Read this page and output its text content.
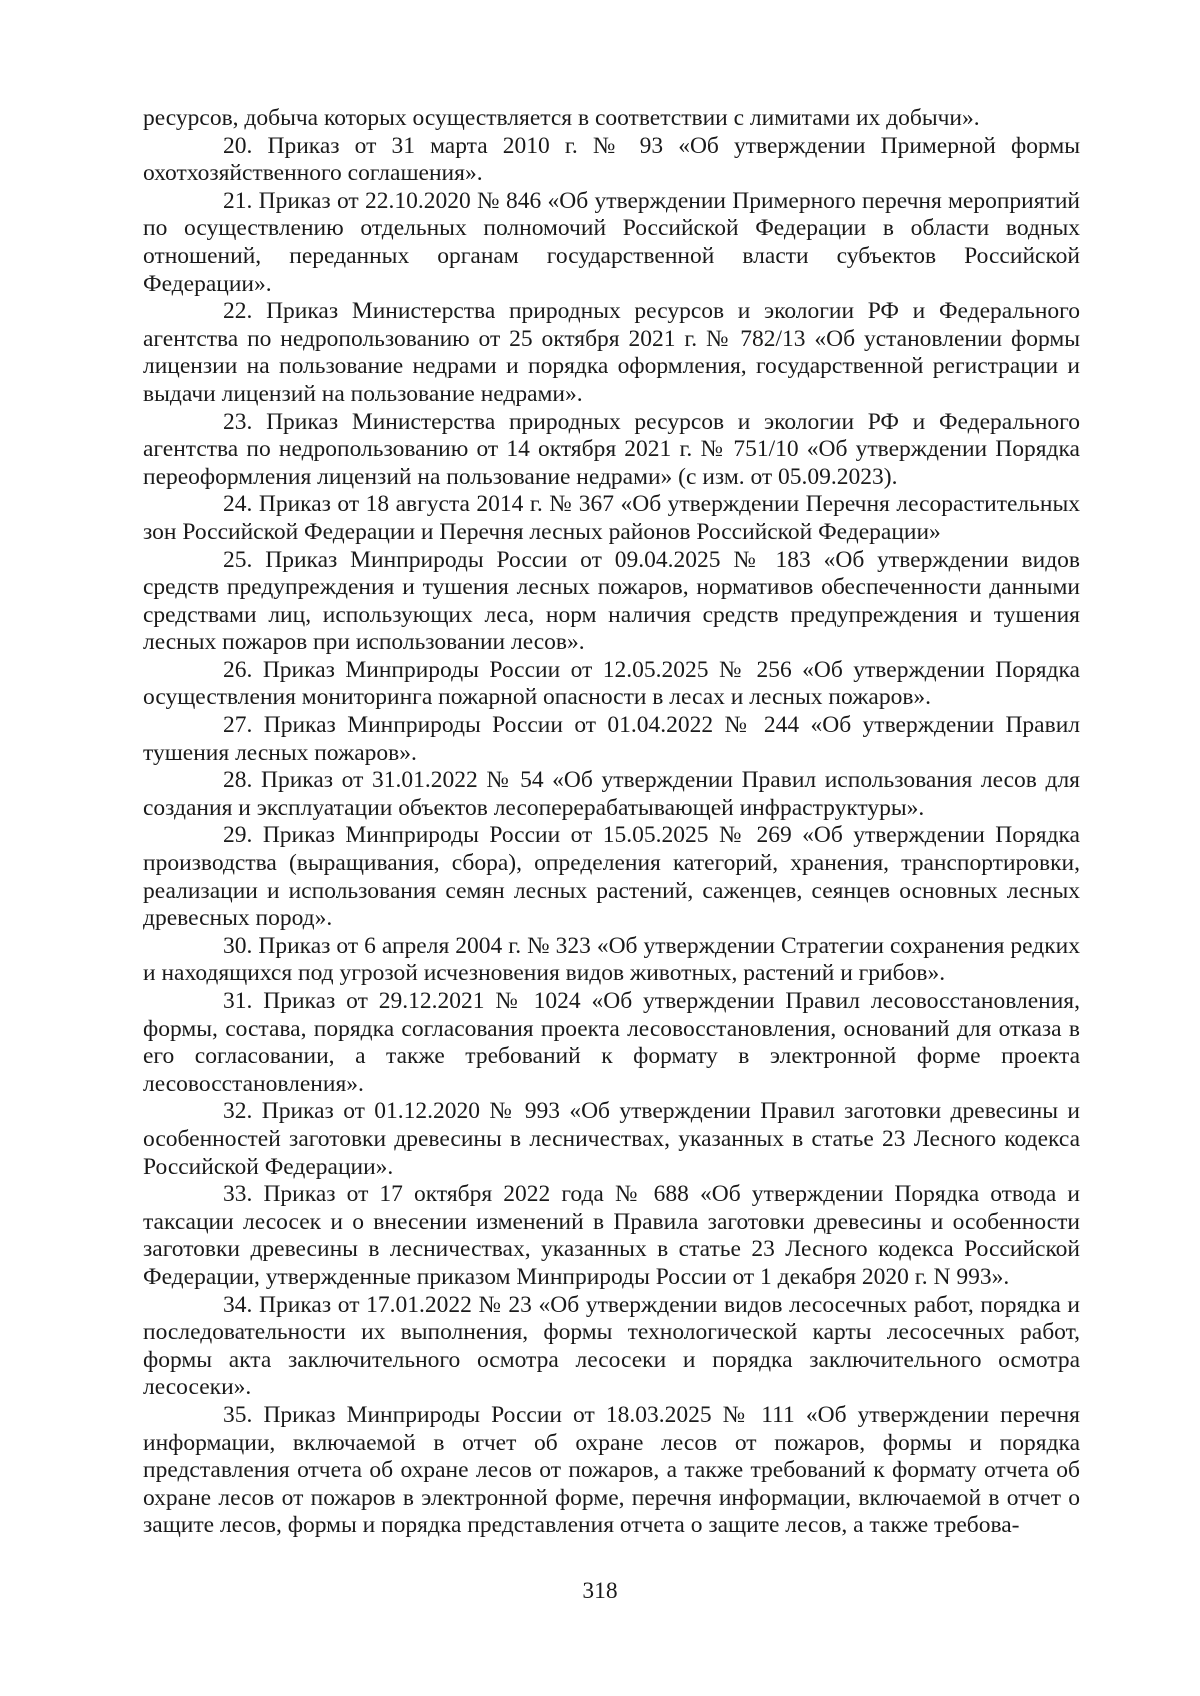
ресурсов, добыча которых осуществляется в соответствии с лимитами их добычи».

20. Приказ от 31 марта 2010 г. № 93 «Об утверждении Примерной формы охотхозяйственного соглашения».

21. Приказ от 22.10.2020 № 846 «Об утверждении Примерного перечня мероприятий по осуществлению отдельных полномочий Российской Федерации в области водных отношений, переданных органам государственной власти субъектов Российской Федерации».

22. Приказ Министерства природных ресурсов и экологии РФ и Федерального агентства по недропользованию от 25 октября 2021 г. № 782/13 «Об установлении формы лицензии на пользование недрами и порядка оформления, государственной регистрации и выдачи лицензий на пользование недрами».

23. Приказ Министерства природных ресурсов и экологии РФ и Федерального агентства по недропользованию от 14 октября 2021 г. № 751/10 «Об утверждении Порядка переоформления лицензий на пользование недрами» (с изм. от 05.09.2023).

24. Приказ от 18 августа 2014 г. № 367 «Об утверждении Перечня лесорастительных зон Российской Федерации и Перечня лесных районов Российской Федерации»

25. Приказ Минприроды России от 09.04.2025 № 183 «Об утверждении видов средств предупреждения и тушения лесных пожаров, нормативов обеспеченности данными средствами лиц, использующих леса, норм наличия средств предупреждения и тушения лесных пожаров при использовании лесов».

26. Приказ Минприроды России от 12.05.2025 № 256 «Об утверждении Порядка осуществления мониторинга пожарной опасности в лесах и лесных пожаров».

27. Приказ Минприроды России от 01.04.2022 № 244 «Об утверждении Правил тушения лесных пожаров».

28. Приказ от 31.01.2022 № 54 «Об утверждении Правил использования лесов для создания и эксплуатации объектов лесоперерабатывающей инфраструктуры».

29. Приказ Минприроды России от 15.05.2025 № 269 «Об утверждении Порядка производства (выращивания, сбора), определения категорий, хранения, транспортировки, реализации и использования семян лесных растений, саженцев, сеянцев основных лесных древесных пород».

30. Приказ от 6 апреля 2004 г. № 323 «Об утверждении Стратегии сохранения редких и находящихся под угрозой исчезновения видов животных, растений и грибов».

31. Приказ от 29.12.2021 № 1024 «Об утверждении Правил лесовосстановления, формы, состава, порядка согласования проекта лесовосстановления, оснований для отказа в его согласовании, а также требований к формату в электронной форме проекта лесовосстановления».

32. Приказ от 01.12.2020 № 993 «Об утверждении Правил заготовки древесины и особенностей заготовки древесины в лесничествах, указанных в статье 23 Лесного кодекса Российской Федерации».

33. Приказ от 17 октября 2022 года № 688 «Об утверждении Порядка отвода и таксации лесосек и о внесении изменений в Правила заготовки древесины и особенности заготовки древесины в лесничествах, указанных в статье 23 Лесного кодекса Российской Федерации, утвержденные приказом Минприроды России от 1 декабря 2020 г. N 993».

34. Приказ от 17.01.2022 № 23 «Об утверждении видов лесосечных работ, порядка и последовательности их выполнения, формы технологической карты лесосечных работ, формы акта заключительного осмотра лесосеки и порядка заключительного осмотра лесосеки».

35. Приказ Минприроды России от 18.03.2025 № 111 «Об утверждении перечня информации, включаемой в отчет об охране лесов от пожаров, формы и порядка представления отчета об охране лесов от пожаров, а также требований к формату отчета об охране лесов от пожаров в электронной форме, перечня информации, включаемой в отчет о защите лесов, формы и порядка представления отчета о защите лесов, а также требова-

318
